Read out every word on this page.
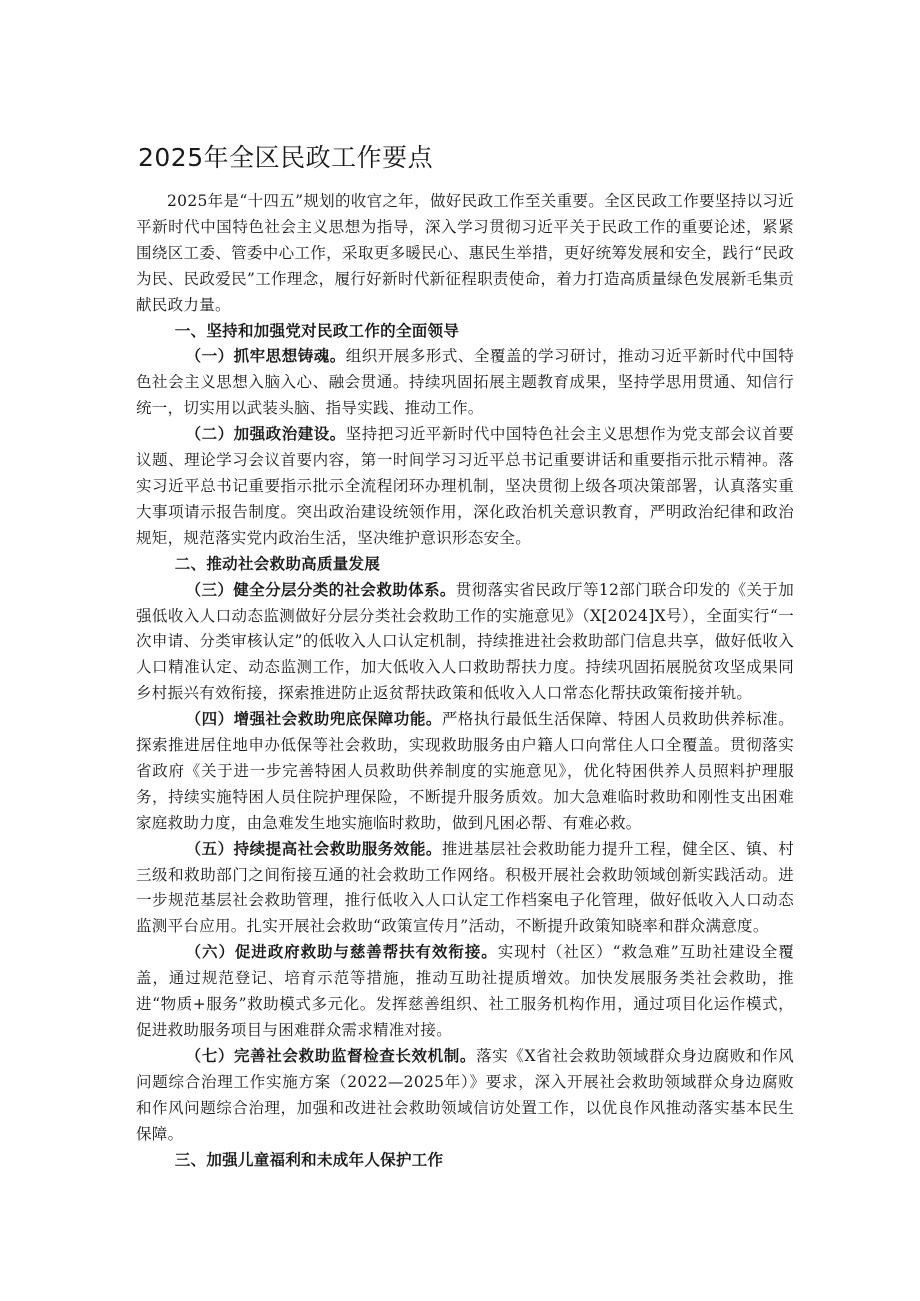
2025年全区民政工作要点

2025年是“十四五”规划的收官之年，做好民政工作至关重要。全区民政工作要坚持以习近平新时代中国特色社会主义思想为指导，深入学习贯彻习近平关于民政工作的重要论述，紧紧围绕区工委、管委中心工作，采取更多暖民心、惠民生举措，更好统筹发展和安全，践行“民政为民、民政爱民”工作理念，履行好新时代新征程职责使命，着力打造高质量绿色发展新毛集贡献民政力量。

一、坚持和加强党对民政工作的全面领导

（一）抓牢思想铸魂。组织开展多形式、全覆盖的学习研讨，推动习近平新时代中国特色社会主义思想入脑入心、融会贯通。持续巩固拓展主题教育成果，坚持学思用贯通、知信行统一，切实用以武装头脑、指导实践、推动工作。

（二）加强政治建设。坚持把习近平新时代中国特色社会主义思想作为党支部会议首要议题、理论学习会议首要内容，第一时间学习习近平总书记重要讲话和重要指示批示精神。落实习近平总书记重要指示批示全流程闭环办理机制，坚决贯彻上级各项决策部署，认真落实重大事项请示报告制度。突出政治建设统领作用，深化政治机关意识教育，严明政治纪律和政治规矩，规范落实党内政治生活，坚决维护意识形态安全。

二、推动社会救助高质量发展

（三）健全分层分类的社会救助体系。贯彻落实省民政厅等12部门联合印发的《关于加强低收入人口动态监测做好分层分类社会救助工作的实施意见》（X[2024]X号），全面实行“一次申请、分类审核认定”的低收入人口认定机制，持续推进社会救助部门信息共享，做好低收入人口精准认定、动态监测工作，加大低收入人口救助帮扶力度。持续巩固拓展脱贫攻坚成果同乡村振兴有效衔接，探索推进防止返贫帮扶政策和低收入人口常态化帮扶政策衔接并轨。

（四）增强社会救助兜底保障功能。严格执行最低生活保障、特困人员救助供养标准。探索推进居住地申办低保等社会救助，实现救助服务由户籍人口向常住人口全覆盖。贯彻落实省政府《关于进一步完善特困人员救助供养制度的实施意见》，优化特困供养人员照料护理服务，持续实施特困人员住院护理保险，不断提升服务质效。加大急难临时救助和刚性支出困难家庭救助力度，由急难发生地实施临时救助，做到凡困必帮、有难必救。

（五）持续提高社会救助服务效能。推进基层社会救助能力提升工程，健全区、镇、村三级和救助部门之间衔接互通的社会救助工作网络。积极开展社会救助领域创新实践活动。进一步规范基层社会救助管理，推行低收入人口认定工作档案电子化管理，做好低收入人口动态监测平台应用。扎实开展社会救助“政策宣传月”活动，不断提升政策知晓率和群众满意度。

（六）促进政府救助与慈善帮扶有效衔接。实现村（社区）“救急难”互助社建设全覆盖，通过规范登记、培育示范等措施，推动互助社提质增效。加快发展服务类社会救助，推进“物质+服务”救助模式多元化。发挥慈善组织、社工服务机构作用，通过项目化运作模式，促进救助服务项目与困难群众需求精准对接。

（七）完善社会救助监督检查长效机制。落实《X省社会救助领域群众身边腐败和作风问题综合治理工作实施方案（2022—2025年）》要求，深入开展社会救助领域群众身边腐败和作风问题综合治理，加强和改进社会救助领域信访处置工作，以优良作风推动落实基本民生保障。

三、加强儿童福利和未成年人保护工作
